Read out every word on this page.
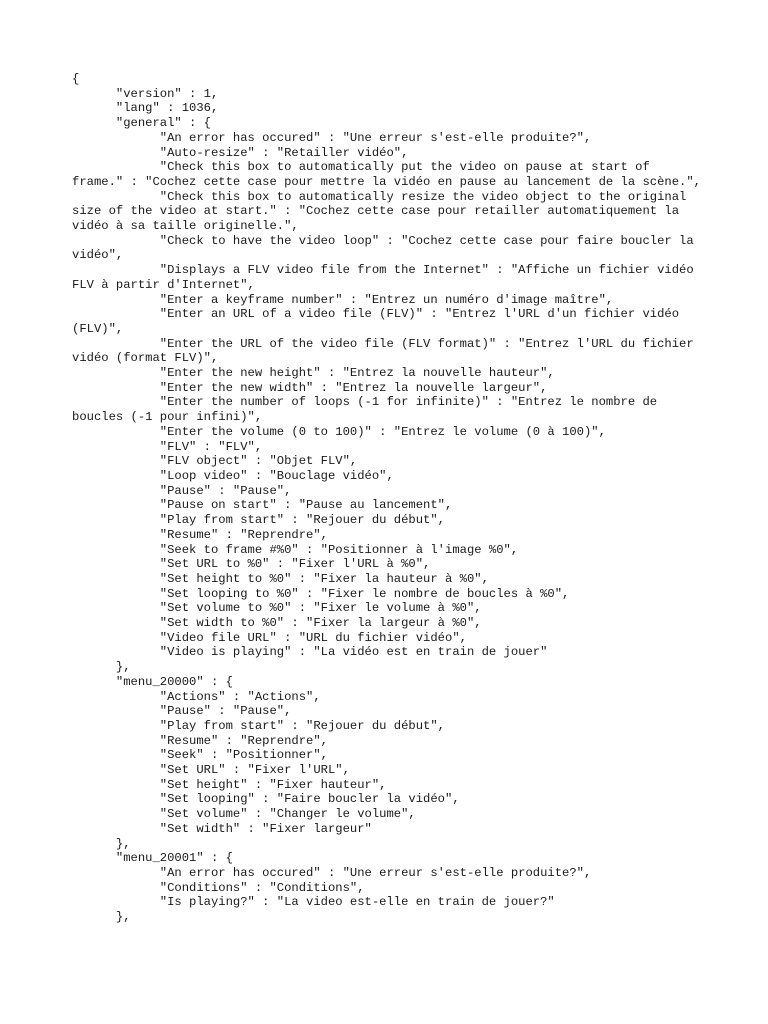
{
	"version" : 1,
	"lang" : 1036,
	"general" : {
		"An error has occured" : "Une erreur s'est-elle produite?",
		"Auto-resize" : "Retailler vidéo",
		"Check this box to automatically put the video on pause at start of frame." : "Cochez cette case pour mettre la vidéo en pause au lancement de la scène.",
		"Check this box to automatically resize the video object to the original size of the video at start." : "Cochez cette case pour retailler automatiquement la vidéo à sa taille originelle.",
		"Check to have the video loop" : "Cochez cette case pour faire boucler la vidéo",
		"Displays a FLV video file from the Internet" : "Affiche un fichier vidéo FLV à partir d'Internet",
		"Enter a keyframe number" : "Entrez un numéro d'image maître",
		"Enter an URL of a video file (FLV)" : "Entrez l'URL d'un fichier vidéo (FLV)",
		"Enter the URL of the video file (FLV format)" : "Entrez l'URL du fichier vidéo (format FLV)",
		"Enter the new height" : "Entrez la nouvelle hauteur",
		"Enter the new width" : "Entrez la nouvelle largeur",
		"Enter the number of loops (-1 for infinite)" : "Entrez le nombre de boucles (-1 pour infini)",
		"Enter the volume (0 to 100)" : "Entrez le volume (0 à 100)",
		"FLV" : "FLV",
		"FLV object" : "Objet FLV",
		"Loop video" : "Bouclage vidéo",
		"Pause" : "Pause",
		"Pause on start" : "Pause au lancement",
		"Play from start" : "Rejouer du début",
		"Resume" : "Reprendre",
		"Seek to frame #%0" : "Positionner à l'image %0",
		"Set URL to %0" : "Fixer l'URL à %0",
		"Set height to %0" : "Fixer la hauteur à %0",
		"Set looping to %0" : "Fixer le nombre de boucles à %0",
		"Set volume to %0" : "Fixer le volume à %0",
		"Set width to %0" : "Fixer la largeur à %0",
		"Video file URL" : "URL du fichier vidéo",
		"Video is playing" : "La vidéo est en train de jouer"
	},
	"menu_20000" : {
		"Actions" : "Actions",
		"Pause" : "Pause",
		"Play from start" : "Rejouer du début",
		"Resume" : "Reprendre",
		"Seek" : "Positionner",
		"Set URL" : "Fixer l'URL",
		"Set height" : "Fixer hauteur",
		"Set looping" : "Faire boucler la vidéo",
		"Set volume" : "Changer le volume",
		"Set width" : "Fixer largeur"
	},
	"menu_20001" : {
		"An error has occured" : "Une erreur s'est-elle produite?",
		"Conditions" : "Conditions",
		"Is playing?" : "La video est-elle en train de jouer?"
	},
